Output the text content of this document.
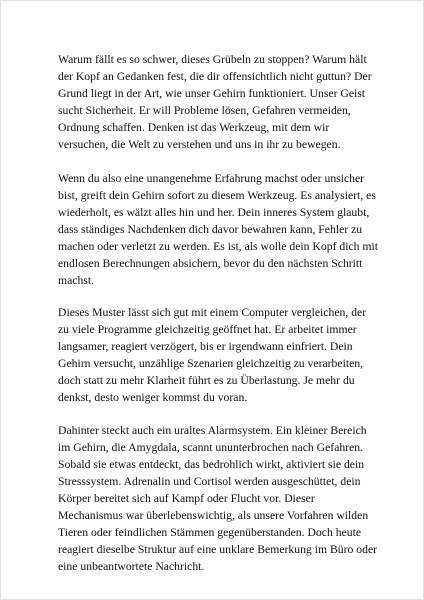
Warum fällt es so schwer, dieses Grübeln zu stoppen? Warum hält der Kopf an Gedanken fest, die dir offensichtlich nicht guttun? Der Grund liegt in der Art, wie unser Gehirn funktioniert. Unser Geist sucht Sicherheit. Er will Probleme lösen, Gefahren vermeiden, Ordnung schaffen. Denken ist das Werkzeug, mit dem wir versuchen, die Welt zu verstehen und uns in ihr zu bewegen.

Wenn du also eine unangenehme Erfahrung machst oder unsicher bist, greift dein Gehirn sofort zu diesem Werkzeug. Es analysiert, es wiederholt, es wälzt alles hin und her. Dein inneres System glaubt, dass ständiges Nachdenken dich davor bewahren kann, Fehler zu machen oder verletzt zu werden. Es ist, als wolle dein Kopf dich mit endlosen Berechnungen absichern, bevor du den nächsten Schritt machst.

Dieses Muster lässt sich gut mit einem Computer vergleichen, der zu viele Programme gleichzeitig geöffnet hat. Er arbeitet immer langsamer, reagiert verzögert, bis er irgendwann einfriert. Dein Gehirn versucht, unzählige Szenarien gleichzeitig zu verarbeiten, doch statt zu mehr Klarheit führt es zu Überlastung. Je mehr du denkst, desto weniger kommst du voran.

Dahinter steckt auch ein uraltes Alarmsystem. Ein kleiner Bereich im Gehirn, die Amygdala, scannt ununterbrochen nach Gefahren. Sobald sie etwas entdeckt, das bedrohlich wirkt, aktiviert sie dein Stresssystem. Adrenalin und Cortisol werden ausgeschüttet, dein Körper bereitet sich auf Kampf oder Flucht vor. Dieser Mechanismus war überlebenswichtig, als unsere Vorfahren wilden Tieren oder feindlichen Stämmen gegenüberstanden. Doch heute reagiert dieselbe Struktur auf eine unklare Bemerkung im Büro oder eine unbeantwortete Nachricht.
